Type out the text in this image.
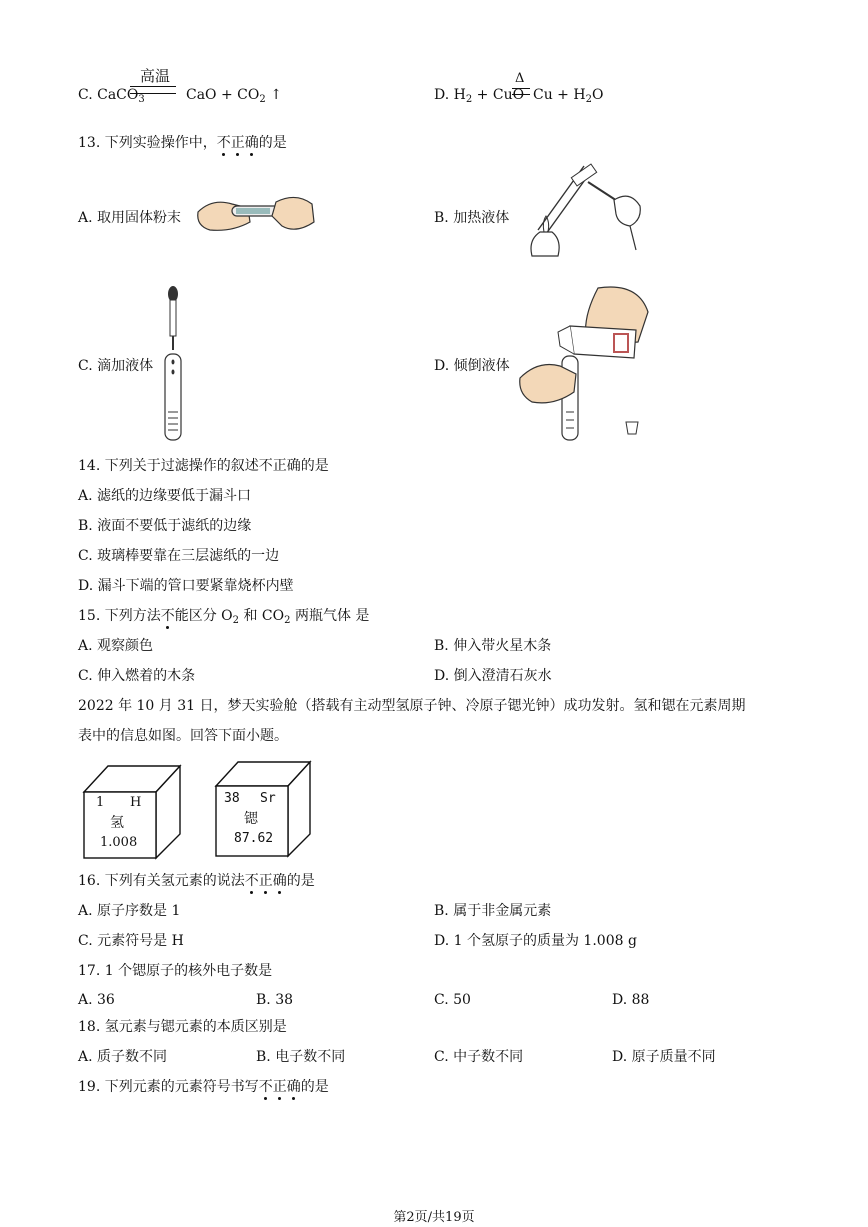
C. CaCO$_3$
高温
CaO + $CO_2$ ↑	D. $H_2$ + CuO
Δ
$Cu + H_2O$
13. 下列实验操作中，不正确的是
A. 取用固体粉末	B. 加热液体
C. 滴加液体	D. 倾倒液体
14. 下列关于过滤操作的叙述不正确的是
A. 滤纸的边缘要低于漏斗口
B. 液面不要低于滤纸的边缘
C. 玻璃棒要靠在三层滤纸的一边
D. 漏斗下端的管口要紧靠烧杯内壁
15. 下列方法不能区分 $O_2$ 和 $CO_2$ 两瓶气体 是
A. 观察颜色	B. 伸入带火星木条
C. 伸入燃着的木条	D. 倒入澄清石灰水
2022 年 10 月 31 日，梦天实验舱（搭载有主动型氢原子钟、冷原子锶光钟）成功发射。氢和锶在元素周期
表中的信息如图。回答下面小题。
1 H
氢
1.008
38 Sr
锶
87.62
16. 下列有关氢元素的说法不正确的是
A. 原子序数是 1	B. 属于非金属元素
C. 元素符号是 H	D. 1 个氢原子的质量为 1.008 g
17. 1 个锶原子的核外电子数是
A. 36	B. 38	C. 50	D. 88
18. 氢元素与锶元素的本质区别是
A. 质子数不同	B. 电子数不同	C. 中子数不同	D. 原子质量不同
19. 下列元素的元素符号书写不正确的是
第2页/共19页
